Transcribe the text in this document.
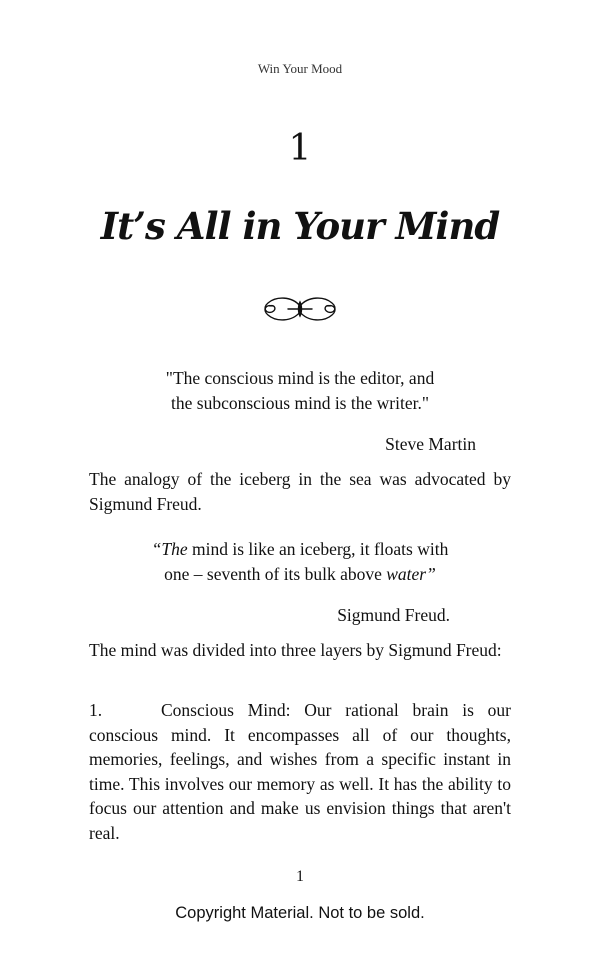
Win Your Mood
1
It’s All in Your Mind
"The conscious mind is the editor, and
the subconscious mind is the writer."
Steve Martin

The analogy of the iceberg in the sea was advocated by Sigmund Freud.

“The mind is like an iceberg, it floats with
one – seventh of its bulk above water”
Sigmund Freud.

The mind was divided into three layers by Sigmund Freud:

1.	Conscious Mind: Our rational brain is our conscious mind. It encompasses all of our thoughts, memories, feelings, and wishes from a specific instant in time. This involves our memory as well. It has the ability to focus our attention and make us envision things that aren't real.

1
Copyright Material. Not to be sold.
